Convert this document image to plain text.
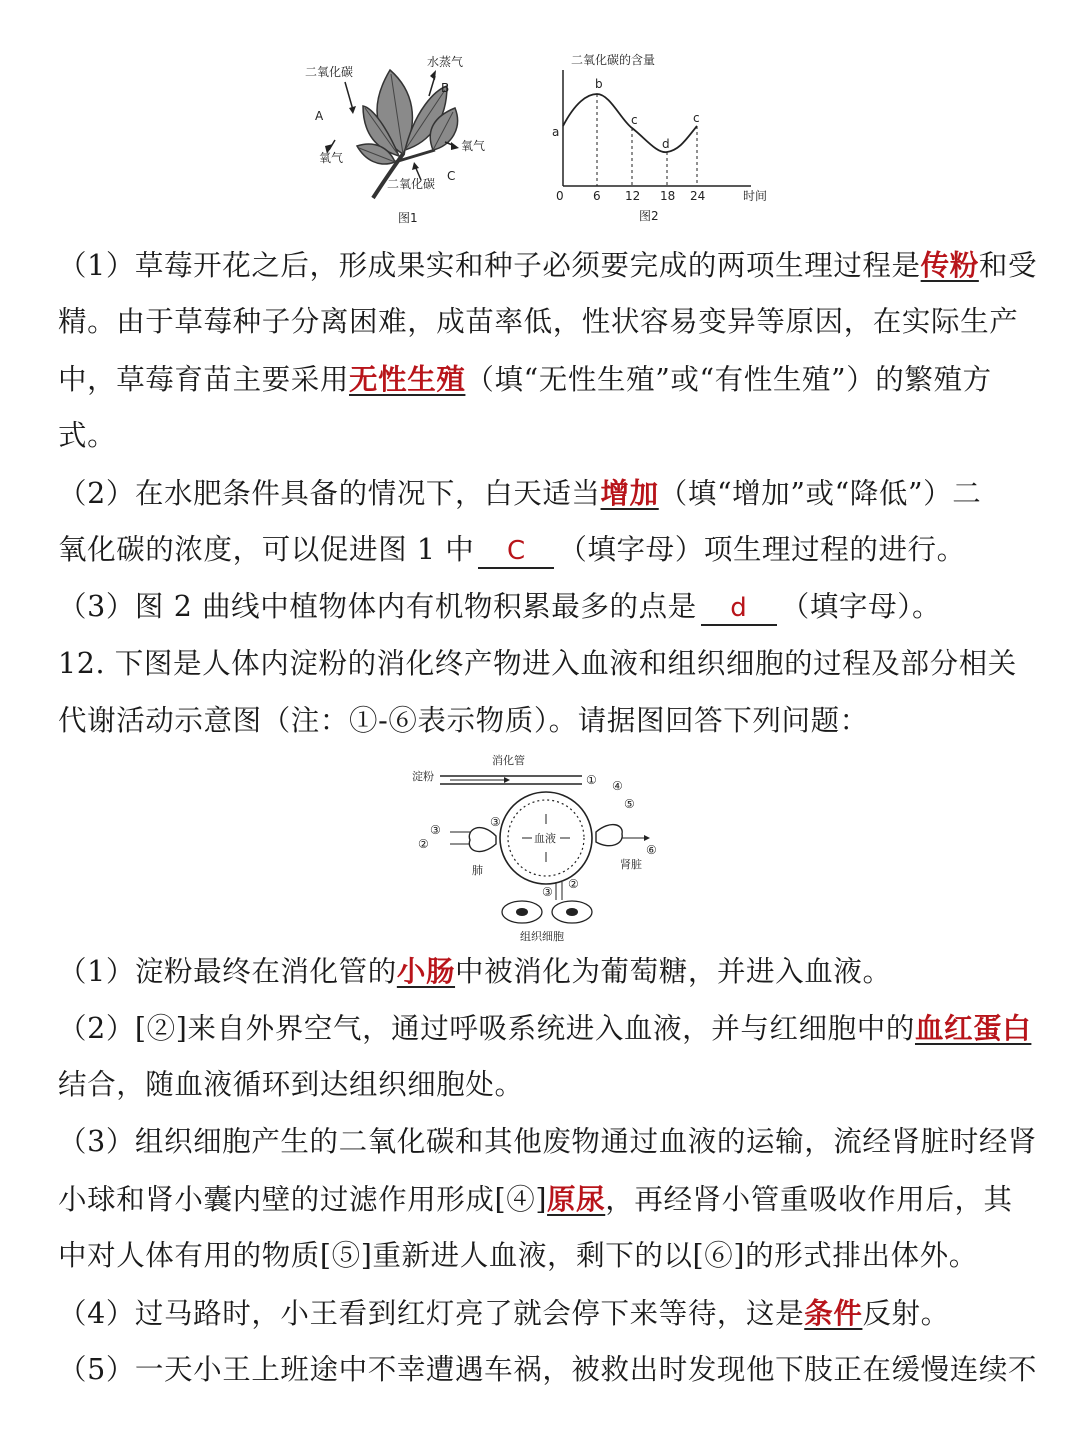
二氧化碳
水蒸气
B
A
氧气
氧气
二氧化碳
C
图1
二氧化碳的含量
a
b
c
d
c
0 6 12 18 24	时间
图2
（1）草莓开花之后，形成果实和种子必须要完成的两项生理过程是传粉和受
精。由于草莓种子分离困难，成苗率低，性状容易变异等原因，在实际生产
中，草莓育苗主要采用无性生殖（填“无性生殖”或“有性生殖”）的繁殖方
式。
（2）在水肥条件具备的情况下，白天适当增加（填“增加”或“降低”）二
氧化碳的浓度，可以促进图 1 中 C （填字母）项生理过程的进行。
（3）图 2 曲线中植物体内有机物积累最多的点是 d （填字母）。
12. 下图是人体内淀粉的消化终产物进入血液和组织细胞的过程及部分相关
代谢活动示意图（注：①-⑥表示物质）。请据图回答下列问题：
淀粉
消化管
①
血液
③
②
③
肺
④
⑤
⑥
肾脏
③
②
组织细胞
（1）淀粉最终在消化管的小肠中被消化为葡萄糖，并进入血液。
（2）[②]来自外界空气，通过呼吸系统进入血液，并与红细胞中的血红蛋白
结合，随血液循环到达组织细胞处。
（3）组织细胞产生的二氧化碳和其他废物通过血液的运输，流经肾脏时经肾
小球和肾小囊内壁的过滤作用形成[④]原尿，再经肾小管重吸收作用后，其
中对人体有用的物质[⑤]重新进人血液，剩下的以[⑥]的形式排出体外。
（4）过马路时，小王看到红灯亮了就会停下来等待，这是条件反射。
（5）一天小王上班途中不幸遭遇车祸，被救出时发现他下肢正在缓慢连续不
